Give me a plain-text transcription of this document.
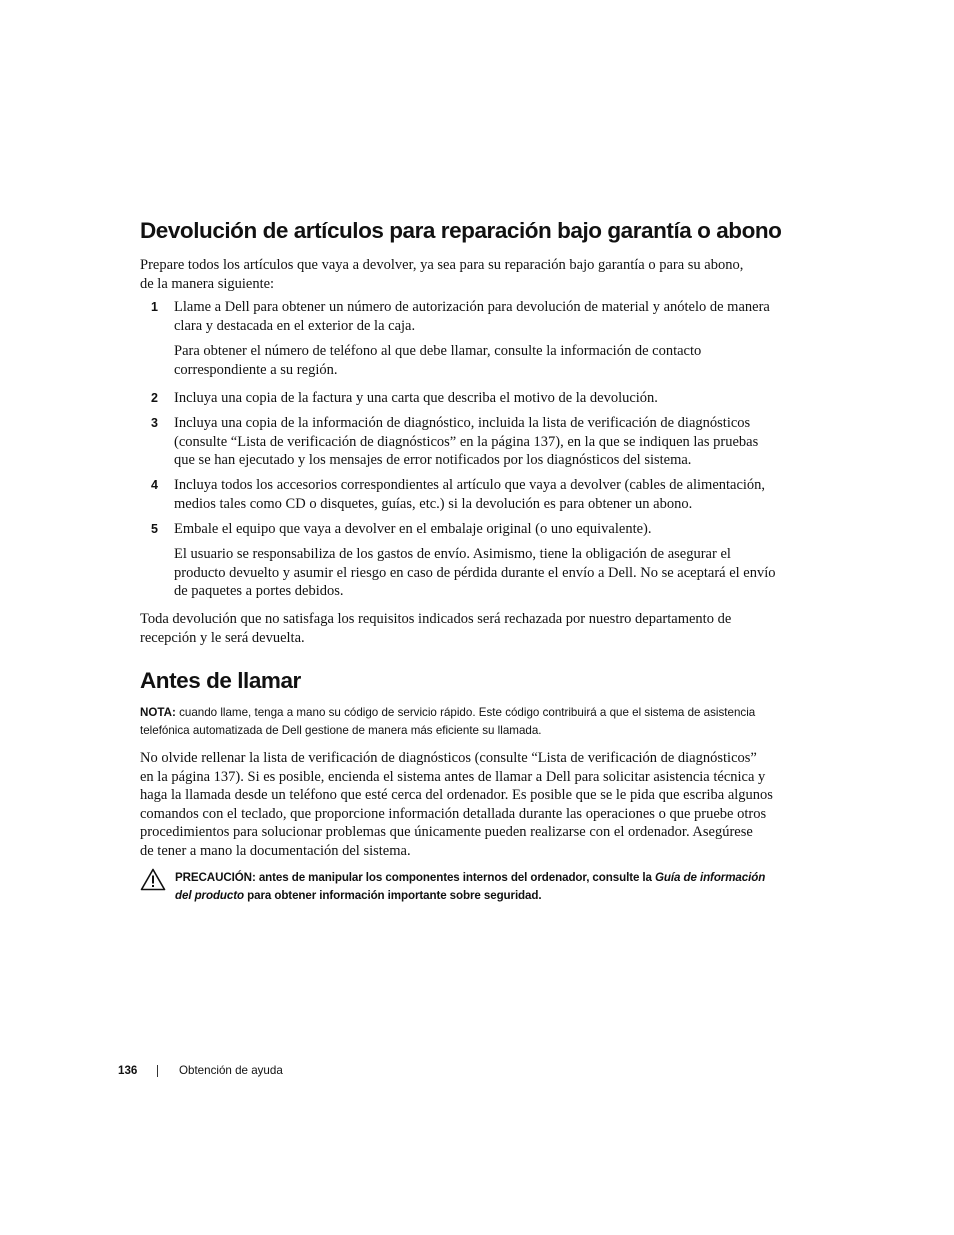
Devolución de artículos para reparación bajo garantía o abono

Prepare todos los artículos que vaya a devolver, ya sea para su reparación bajo garantía o para su abono,
de la manera siguiente:

1 Llame a Dell para obtener un número de autorización para devolución de material y anótelo de manera
clara y destacada en el exterior de la caja.

Para obtener el número de teléfono al que debe llamar, consulte la información de contacto
correspondiente a su región.

2 Incluya una copia de la factura y una carta que describa el motivo de la devolución.

3 Incluya una copia de la información de diagnóstico, incluida la lista de verificación de diagnósticos
(consulte “Lista de verificación de diagnósticos” en la página 137), en la que se indiquen las pruebas
que se han ejecutado y los mensajes de error notificados por los diagnósticos del sistema.

4 Incluya todos los accesorios correspondientes al artículo que vaya a devolver (cables de alimentación,
medios tales como CD o disquetes, guías, etc.) si la devolución es para obtener un abono.

5 Embale el equipo que vaya a devolver en el embalaje original (o uno equivalente).

El usuario se responsabiliza de los gastos de envío. Asimismo, tiene la obligación de asegurar el
producto devuelto y asumir el riesgo en caso de pérdida durante el envío a Dell. No se aceptará el envío
de paquetes a portes debidos.

Toda devolución que no satisfaga los requisitos indicados será rechazada por nuestro departamento de
recepción y le será devuelta.

Antes de llamar

NOTA: cuando llame, tenga a mano su código de servicio rápido. Este código contribuirá a que el sistema de asistencia
telefónica automatizada de Dell gestione de manera más eficiente su llamada.

No olvide rellenar la lista de verificación de diagnósticos (consulte “Lista de verificación de diagnósticos”
en la página 137). Si es posible, encienda el sistema antes de llamar a Dell para solicitar asistencia técnica y
haga la llamada desde un teléfono que esté cerca del ordenador. Es posible que se le pida que escriba algunos
comandos con el teclado, que proporcione información detallada durante las operaciones o que pruebe otros
procedimientos para solucionar problemas que únicamente pueden realizarse con el ordenador. Asegúrese
de tener a mano la documentación del sistema.

PRECAUCIÓN: antes de manipular los componentes internos del ordenador, consulte la Guía de información
del producto para obtener información importante sobre seguridad.

136	Obtención de ayuda
